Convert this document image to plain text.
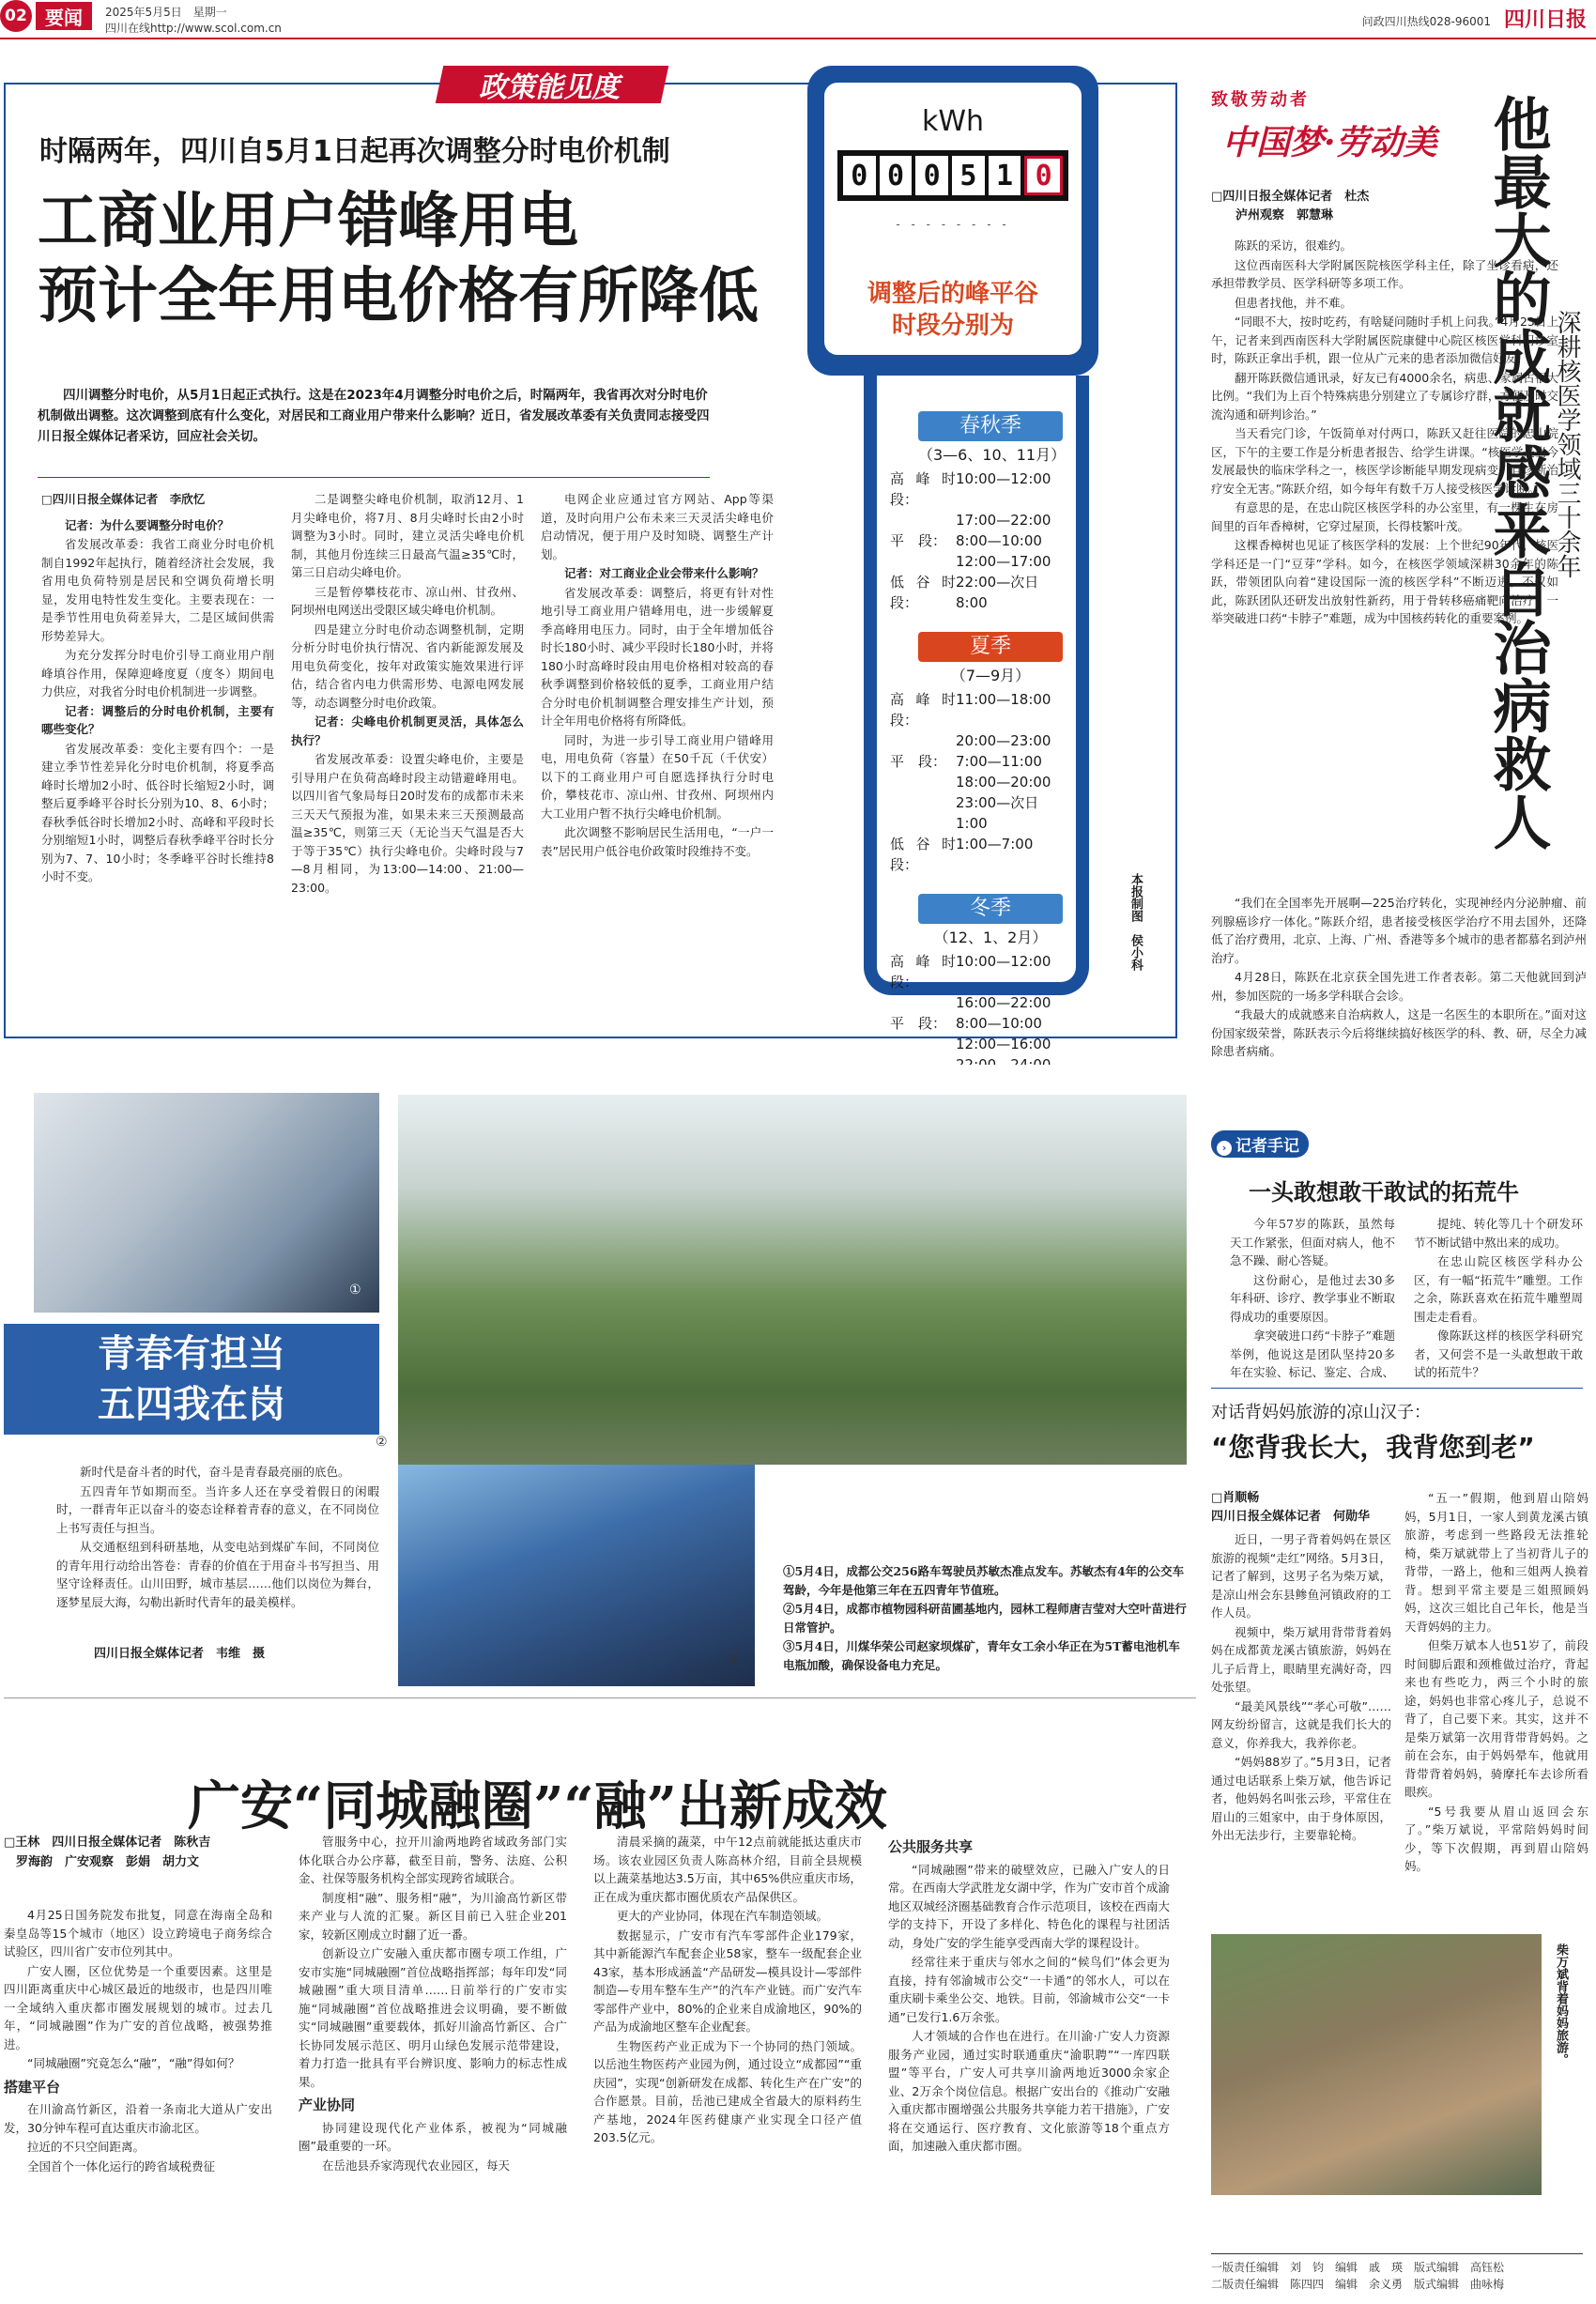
02 要闻	2025年5月5日　星期一
四川在线http://www.scol.com.cn	问政四川热线028-96001 四川日报
政策能见度
时隔两年，四川自5月1日起再次调整分时电价机制
工商业用户错峰用电
预计全年用电价格有所降低
四川调整分时电价，从5月1日起正式执行。这是在2023年4月调整分时电价之后，时隔两年，我省再次对分时电价机制做出调整。这次调整到底有什么变化，对居民和工商业用户带来什么影响？近日，省发展改革委有关负责同志接受四川日报全媒体记者采访，回应社会关切。
□四川日报全媒体记者　李欣忆

记者：为什么要调整分时电价？

省发展改革委：我省工商业分时电价机制自1992年起执行，随着经济社会发展，我省用电负荷特别是居民和空调负荷增长明显，发用电特性发生变化。主要表现在：一是季节性用电负荷差异大，二是区域间供需形势差异大。

为充分发挥分时电价引导工商业用户削峰填谷作用，保障迎峰度夏（度冬）期间电力供应，对我省分时电价机制进一步调整。

记者：调整后的分时电价机制，主要有哪些变化？

省发展改革委：变化主要有四个：一是建立季节性差异化分时电价机制，将夏季高峰时长增加2小时、低谷时长缩短2小时，调整后夏季峰平谷时长分别为10、8、6小时；春秋季低谷时长增加2小时、高峰和平段时长分别缩短1小时，调整后春秋季峰平谷时长分别为7、7、10小时；冬季峰平谷时长维持8小时不变。

二是调整尖峰电价机制，取消12月、1月尖峰电价，将7月、8月尖峰时长由2小时调整为3小时。同时，建立灵活尖峰电价机制，其他月份连续三日最高气温≥35℃时，第三日启动尖峰电价。

三是暂停攀枝花市、凉山州、甘孜州、阿坝州电网送出受限区域尖峰电价机制。

四是建立分时电价动态调整机制，定期分析分时电价执行情况、省内新能源发展及用电负荷变化，按年对政策实施效果进行评估，结合省内电力供需形势、电源电网发展等，动态调整分时电价政策。

记者：尖峰电价机制更灵活，具体怎么执行？

省发展改革委：设置尖峰电价，主要是引导用户在负荷高峰时段主动错避峰用电。以四川省气象局每日20时发布的成都市未来三天天气预报为准，如果未来三天预测最高温≥35℃，则第三天（无论当天气温是否大于等于35℃）执行尖峰电价。尖峰时段与7—8月相同，为13:00—14:00、21:00—23:00。

电网企业应通过官方网站、App等渠道，及时向用户公布未来三天灵活尖峰电价启动情况，便于用户及时知晓、调整生产计划。

记者：对工商业企业会带来什么影响？

省发展改革委：调整后，将更有针对性地引导工商业用户错峰用电，进一步缓解夏季高峰用电压力。同时，由于全年增加低谷时长180小时、减少平段时长180小时，并将180小时高峰时段由用电价格相对较高的春秋季调整到价格较低的夏季，工商业用户结合分时电价机制调整合理安排生产计划，预计全年用电价格将有所降低。

同时，为进一步引导工商业用户错峰用电，用电负荷（容量）在50千瓦（千伏安）以下的工商业用户可自愿选择执行分时电价，攀枝花市、凉山州、甘孜州、阿坝州内大工业用户暂不执行尖峰电价机制。

此次调整不影响居民生活用电，“一户一表”居民用户低谷电价政策时段维持不变。

kWh
0 0 0 5 1 0
- - - - - - - -
调整后的峰平谷
时段分别为
春秋季
（3—6、10、11月）
高峰时段：
10:00—12:00
17:00—22:00
平　段： 8:00—10:00
12:00—17:00
低谷时段：
22:00—次日8:00
夏季
（7—9月）
高峰时段：
11:00—18:00
20:00—23:00
平　段： 7:00—11:00
18:00—20:00
23:00—次日1:00
低谷时段：
1:00—7:00
冬季
（12、1、2月）
高峰时段：
10:00—12:00
16:00—22:00
平　段： 8:00—10:00
12:00—16:00
本报制图　侯小科
致敬劳动者
中国梦·劳动美 他最大的成就感来自治病救人 深耕核医学领域三十余年
□四川日报全媒体记者　杜杰
泸州观察　郭慧琳

陈跃的采访，很难约。

这位西南医科大学附属医院核医学科主任，除了坐诊看病，还承担带教学员、医学科研等多项工作。

但患者找他，并不难。

“同眼不大，按时吃药，有啥疑问随时手机上问我。”4月23日上午，记者来到西南医科大学附属医院康健中心院区核医学科门诊室时，陈跃正拿出手机，跟一位从广元来的患者添加微信好友。

翻开陈跃微信通讯录，好友已有4000余名，病患、家属占很大比例。“我们为上百个特殊病患分别建立了专属诊疗群，方便及时交流沟通和研判诊治。”

当天看完门诊，午饭简单对付两口，陈跃又赶往医院的忠山院区，下午的主要工作是分析患者报告、给学生讲课。“核医学是当今发展最快的临床学科之一，核医学诊断能早期发现病变，且诊断治疗安全无害。”陈跃介绍，如今每年有数千万人接受核医学诊断。

有意思的是，在忠山院区核医学科的办公室里，有一棵生在房间里的百年香樟树，它穿过屋顶，长得枝繁叶茂。

这棵香樟树也见证了核医学科的发展：上个世纪90年代，核医学科还是一门“豆芽”学科。如今，在核医学领域深耕30余年的陈跃，带领团队向着“建设国际一流的核医学科”不断迈进。不仅如此，陈跃团队还研发出放射性新药，用于骨转移癌痛靶向治疗，一举突破进口药“卡脖子”难题，成为中国核药转化的重要案例。

“我们在全国率先开展啊—225治疗转化，实现神经内分泌肿瘤、前列腺癌诊疗一体化。”陈跃介绍，患者接受核医学治疗不用去国外，还降低了治疗费用，北京、上海、广州、香港等多个城市的患者都慕名到泸州治疗。

4月28日，陈跃在北京获全国先进工作者表彰。第二天他就回到泸州，参加医院的一场多学科联合会诊。

“我最大的成就感来自治病救人，这是一名医生的本职所在。”面对这份国家级荣誉，陈跃表示今后将继续搞好核医学的科、教、研，尽全力减除患者病痛。

› 记者手记
一头敢想敢干敢试的拓荒牛

今年57岁的陈跃，虽然每天工作紧张，但面对病人，他不急不躁、耐心答疑。

这份耐心，是他过去30多年科研、诊疗、教学事业不断取得成功的重要原因。

拿突破进口药“卡脖子”难题举例，他说这是团队坚持20多年在实验、标记、鉴定、合成、

提纯、转化等几十个研发环节不断试错中熬出来的成功。

在忠山院区核医学科办公区，有一幅“拓荒牛”雕塑。工作之余，陈跃喜欢在拓荒牛雕塑周围走走看看。

像陈跃这样的核医学科研究者，又何尝不是一头敢想敢干敢试的拓荒牛？

对话背妈妈旅游的凉山汉子：
“您背我长大，我背您到老”
□肖顺畅
四川日报全媒体记者　何勋华

近日，一男子背着妈妈在景区旅游的视频“走红”网络。5月3日，记者了解到，这男子名为柴万斌，是凉山州会东县鲹鱼河镇政府的工作人员。

视频中，柴万斌用背带背着妈妈在成都黄龙溪古镇旅游，妈妈在儿子后背上，眼睛里充满好奇，四处张望。

“最美风景线”“孝心可敬”……网友纷纷留言，这就是我们长大的意义，你养我大，我养你老。

“妈妈88岁了。”5月3日，记者通过电话联系上柴万斌，他告诉记者，他妈妈名叫张云珍，平常住在眉山的三姐家中，由于身体原因，外出无法步行，主要靠轮椅。

“五一”假期，他到眉山陪妈妈，5月1日，一家人到黄龙溪古镇旅游，考虑到一些路段无法推轮椅，柴万斌就带上了当初背儿子的背带，一路上，他和三姐两人换着背。想到平常主要是三姐照顾妈妈，这次三姐比自己年长，他是当天背妈妈的主力。

但柴万斌本人也51岁了，前段时间脚后跟和颈椎做过治疗，背起来也有些吃力，两三个小时的旅途，妈妈也非常心疼儿子，总说不背了，自己要下来。其实，这并不是柴万斌第一次用背带背妈妈。之前在会东，由于妈妈晕车，他就用背带背着妈妈，骑摩托车去诊所看眼疾。

“5号我要从眉山返回会东了。”柴万斌说，平常陪妈妈时间少，等下次假期，再到眉山陪妈妈。

柴万斌背着妈妈旅游。
一版责任编辑　刘　钧　编辑　戚　瑛　版式编辑　高钰松
二版责任编辑　陈四四　编辑　余义勇　版式编辑　曲咏梅
①
青春有担当
五四我在岗

新时代是奋斗者的时代，奋斗是青春最亮丽的底色。

五四青年节如期而至。当许多人还在享受着假日的闲暇时，一群青年正以奋斗的姿态诠释着青春的意义，在不同岗位上书写责任与担当。

从交通枢纽到科研基地，从变电站到煤矿车间，不同岗位的青年用行动给出答卷：青春的价值在于用奋斗书写担当、用坚守诠释责任。山川田野，城市基层……他们以岗位为舞台，逐梦星辰大海，勾勒出新时代青年的最美模样。

四川日报全媒体记者　韦维　摄
②
③

①5月4日，成都公交256路车驾驶员苏敏杰准点发车。苏敏杰有4年的公交车驾龄，今年是他第三年在五四青年节值班。

②5月4日，成都市植物园科研苗圃基地内，园林工程师唐吉莹对大空叶苗进行日常管护。

③5月4日，川煤华荣公司赵家坝煤矿，青年女工余小华正在为5T蓄电池机车电瓶加酸，确保设备电力充足。

广安“同城融圈”“融”出新成效
□王林　四川日报全媒体记者　陈秋吉
罗海韵　广安观察　彭娟　胡力文

4月25日国务院发布批复，同意在海南全岛和秦皇岛等15个城市（地区）设立跨境电子商务综合试验区，四川省广安市位列其中。

广安人圈，区位优势是一个重要因素。这里是四川距离重庆中心城区最近的地级市，也是四川唯一全域纳入重庆都市圈发展规划的城市。过去几年，“同城融圈”作为广安的首位战略，被强势推进。

“同城融圈”究竟怎么“融”，“融”得如何？

搭建平台

在川渝高竹新区，沿着一条南北大道从广安出发，30分钟车程可直达重庆市渝北区。

拉近的不只空间距离。

全国首个一体化运行的跨省域税费征

管服务中心，拉开川渝两地跨省域政务部门实体化联合办公序幕，截至目前，警务、法庭、公积金、社保等服务机构全部实现跨省域联合。

制度相“融”、服务相“融”，为川渝高竹新区带来产业与人流的汇聚。新区目前已入驻企业201家，较新区刚成立时翻了近一番。

创新设立广安融入重庆都市圈专项工作组，广安市实施“同城融圈”首位战略指挥部；每年印发“同城融圈”重大项目清单……日前举行的广安市实施“同城融圈”首位战略推进会议明确，要不断做实“同城融圈”重要载体，抓好川渝高竹新区、合广长协同发展示范区、明月山绿色发展示范带建设，着力打造一批具有平台辨识度、影响力的标志性成果。

产业协同

协同建设现代化产业体系，被视为“同城融圈”最重要的一环。

在岳池县乔家湾现代农业园区，每天

清晨采摘的蔬菜，中午12点前就能抵达重庆市场。该农业园区负责人陈高林介绍，目前全县规模以上蔬菜基地达3.5万亩，其中65%供应重庆市场，正在成为重庆都市圈优质农产品保供区。

更大的产业协同，体现在汽车制造领域。

数据显示，广安市有汽车零部件企业179家，其中新能源汽车配套企业58家，整车一级配套企业43家，基本形成涵盖“产品研发—模具设计—零部件制造—专用车整车生产”的汽车产业链。而广安汽车零部件产业中，80%的企业来自成渝地区，90%的产品为成渝地区整车企业配套。

生物医药产业正成为下一个协同的热门领域。以岳池生物医药产业园为例，通过设立“成都园”“重庆园”，实现“创新研发在成都、转化生产在广安”的合作愿景。目前，岳池已建成全省最大的原料药生产基地，2024年医药健康产业实现全口径产值203.5亿元。

公共服务共享

“同城融圈”带来的破壁效应，已融入广安人的日常。在西南大学武胜龙女湖中学，作为广安市首个成渝地区双城经济圈基础教育合作示范项目，该校在西南大学的支持下，开设了多样化、特色化的课程与社团活动，身处广安的学生能享受西南大学的课程设计。

经常往来于重庆与邻水之间的“候鸟们”体会更为直接，持有邻渝城市公交“一卡通”的邻水人，可以在重庆刷卡乘坐公交、地铁。目前，邻渝城市公交“一卡通”已发行1.6万余张。

人才领域的合作也在进行。在川渝·广安人力资源服务产业园，通过实时联通重庆“渝职聘”“一库四联盟”等平台，广安人可共享川渝两地近3000余家企业、2万余个岗位信息。根据广安出台的《推动广安融入重庆都市圈增强公共服务共享能力若干措施》，广安将在交通运行、医疗教育、文化旅游等18个重点方面，加速融入重庆都市圈。
